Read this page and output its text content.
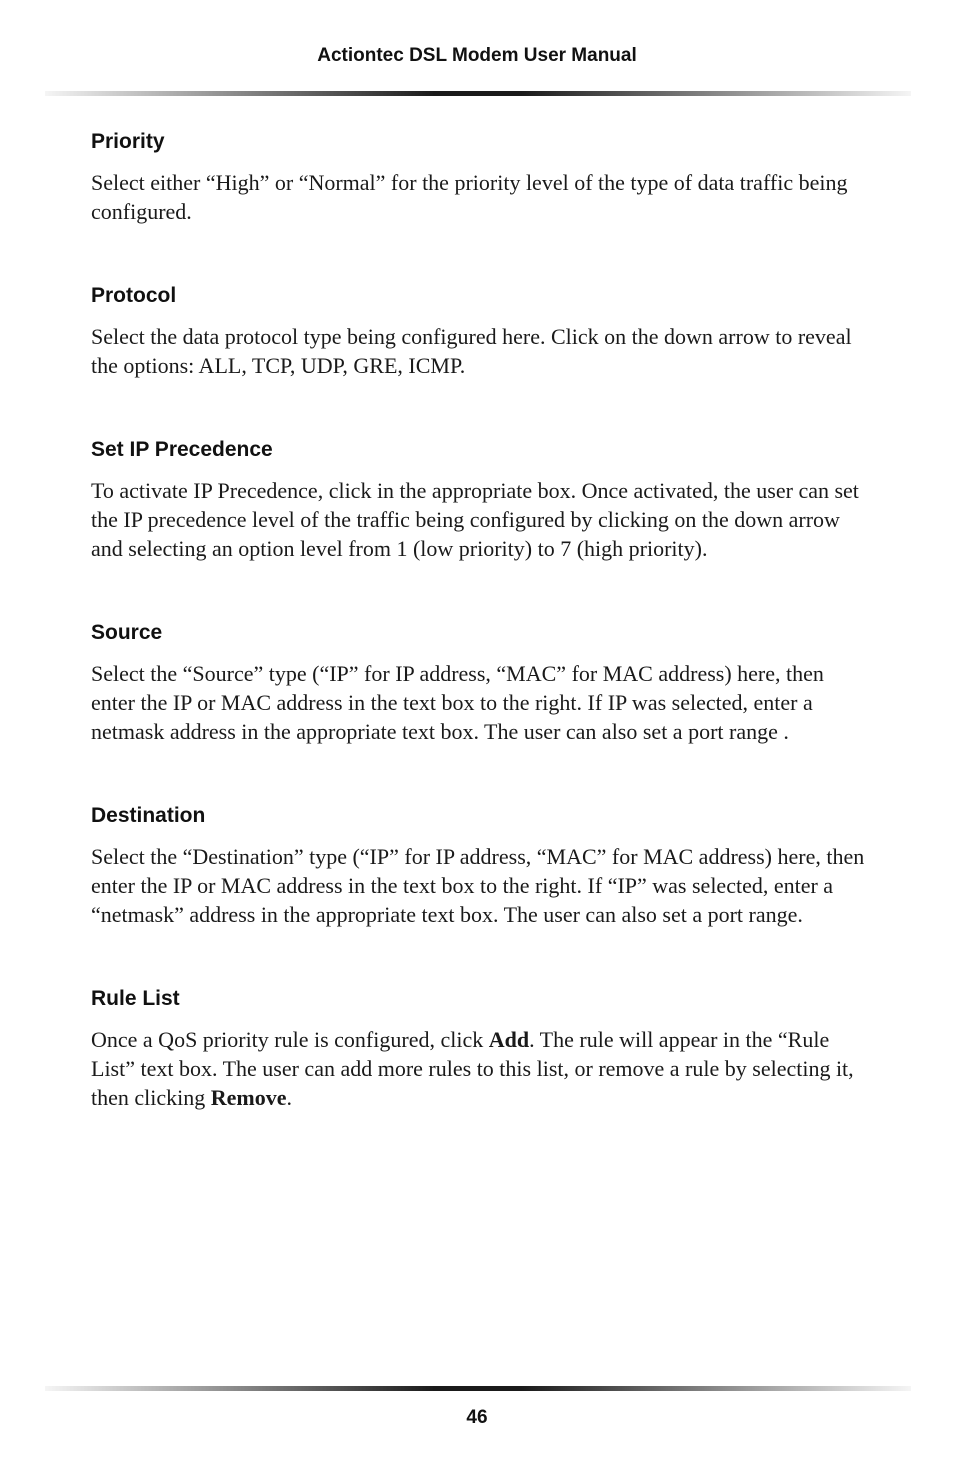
Actiontec DSL Modem User Manual
Priority

Select either “High” or “Normal” for the priority level of the type of data traffic being configured.

Protocol

Select the data protocol type being configured here. Click on the down arrow to reveal the options: ALL, TCP, UDP, GRE, ICMP.

Set IP Precedence

To activate IP Precedence, click in the appropriate box. Once activated, the user can set the IP precedence level of the traffic being configured by clicking on the down arrow and selecting an option level from 1 (low priority) to 7 (high priority).

Source

Select the “Source” type (“IP” for IP address, “MAC” for MAC address) here, then enter the IP or MAC address in the text box to the right. If IP was selected, enter a netmask address in the appropriate text box. The user can also set a port range .

Destination

Select the “Destination” type (“IP” for IP address, “MAC” for MAC address) here, then enter the IP or MAC address in the text box to the right. If “IP” was selected, enter a “netmask” address in the appropriate text box. The user can also set a port range.

Rule List

Once a QoS priority rule is configured, click Add. The rule will appear in the “Rule List” text box. The user can add more rules to this list, or remove a rule by selecting it, then clicking Remove.

46
